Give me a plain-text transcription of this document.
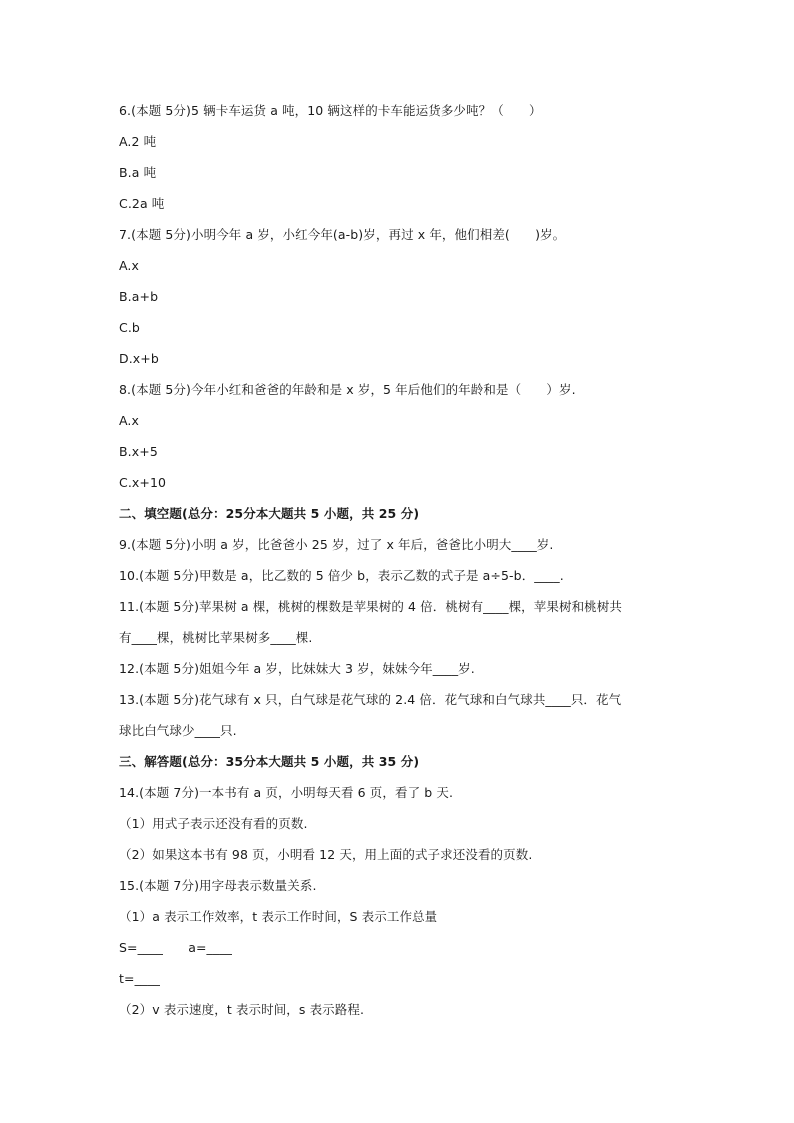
6.(本题 5分)5 辆卡车运货 a 吨，10 辆这样的卡车能运货多少吨？（　　）
A.2 吨
B.a 吨
C.2a 吨
7.(本题 5分)小明今年 a 岁，小红今年(a-b)岁，再过 x 年，他们相差(　　)岁。
A.x
B.a+b
C.b
D.x+b
8.(本题 5分)今年小红和爸爸的年龄和是 x 岁，5 年后他们的年龄和是（　　）岁.
A.x
B.x+5
C.x+10
二、填空题(总分：25分本大题共 5 小题，共 25 分)
9.(本题 5分)小明 a 岁，比爸爸小 25 岁，过了 x 年后，爸爸比小明大____岁.
10.(本题 5分)甲数是 a，比乙数的 5 倍少 b，表示乙数的式子是 a÷5-b．____.
11.(本题 5分)苹果树 a 棵，桃树的棵数是苹果树的 4 倍．桃树有____棵，苹果树和桃树共
有____棵，桃树比苹果树多____棵.
12.(本题 5分)姐姐今年 a 岁，比妹妹大 3 岁，妹妹今年____岁.
13.(本题 5分)花气球有 x 只，白气球是花气球的 2.4 倍．花气球和白气球共____只．花气
球比白气球少____只.
三、解答题(总分：35分本大题共 5 小题，共 35 分)
14.(本题 7分)一本书有 a 页，小明每天看 6 页，看了 b 天.
（1）用式子表示还没有看的页数.
（2）如果这本书有 98 页，小明看 12 天，用上面的式子求还没看的页数.
15.(本题 7分)用字母表示数量关系.
（1）a 表示工作效率，t 表示工作时间，S 表示工作总量
S=____　　a=____
t=____
（2）v 表示速度，t 表示时间，s 表示路程.
